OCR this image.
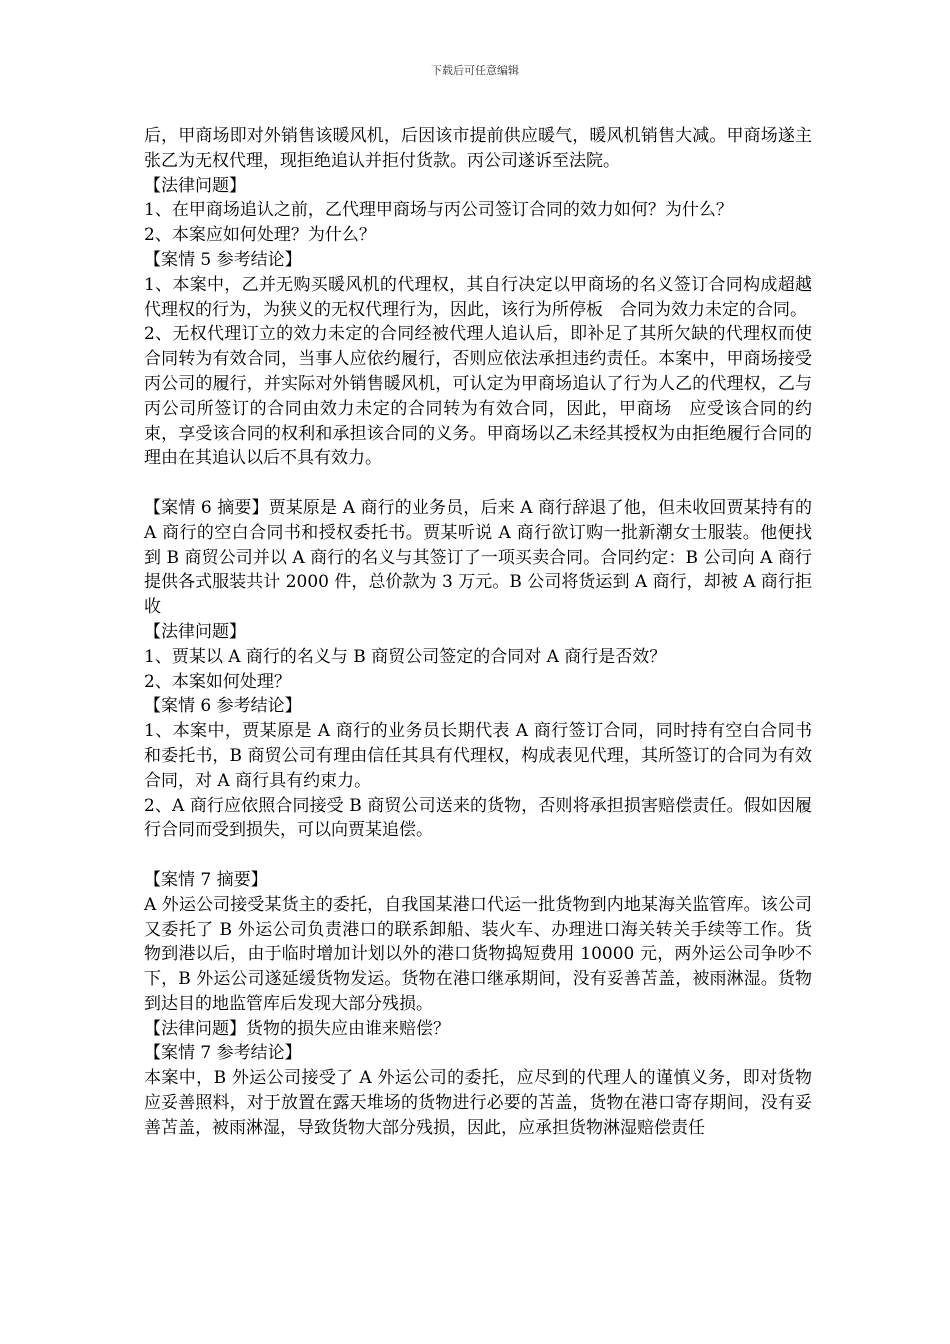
下载后可任意编辑

后，甲商场即对外销售该暖风机，后因该市提前供应暖气，暖风机销售大减。甲商场遂主张乙为无权代理，现拒绝追认并拒付货款。丙公司遂诉至法院。

【法律问题】

1、在甲商场追认之前，乙代理甲商场与丙公司签订合同的效力如何？为什么？

2、本案应如何处理？为什么？

【案情 5 参考结论】

1、本案中，乙并无购买暖风机的代理权，其自行决定以甲商场的名义签订合同构成超越代理权的行为，为狭义的无权代理行为，因此，该行为所停板　合同为效力未定的合同。

2、无权代理订立的效力未定的合同经被代理人追认后，即补足了其所欠缺的代理权而使合同转为有效合同，当事人应依约履行，否则应依法承担违约责任。本案中，甲商场接受丙公司的履行，并实际对外销售暖风机，可认定为甲商场追认了行为人乙的代理权，乙与丙公司所签订的合同由效力未定的合同转为有效合同，因此，甲商场　应受该合同的约束，享受该合同的权利和承担该合同的义务。甲商场以乙未经其授权为由拒绝履行合同的理由在其追认以后不具有效力。

【案情 6 摘要】贾某原是 A 商行的业务员，后来 A 商行辞退了他，但未收回贾某持有的 A 商行的空白合同书和授权委托书。贾某听说 A 商行欲订购一批新潮女士服装。他便找到 B 商贸公司并以 A 商行的名义与其签订了一项买卖合同。合同约定：B 公司向 A 商行提供各式服装共计 2000 件，总价款为 3 万元。B 公司将货运到 A 商行，却被 A 商行拒收

【法律问题】

1、贾某以 A 商行的名义与 B 商贸公司签定的合同对 A 商行是否效？

2、本案如何处理？

【案情 6 参考结论】

1、本案中，贾某原是 A 商行的业务员长期代表 A 商行签订合同，同时持有空白合同书和委托书，B 商贸公司有理由信任其具有代理权，构成表见代理，其所签订的合同为有效合同，对 A 商行具有约束力。

2、A 商行应依照合同接受 B 商贸公司送来的货物，否则将承担损害赔偿责任。假如因履行合同而受到损失，可以向贾某追偿。

【案情 7 摘要】

A 外运公司接受某货主的委托，自我国某港口代运一批货物到内地某海关监管库。该公司又委托了 B 外运公司负责港口的联系卸船、装火车、办理进口海关转关手续等工作。货物到港以后，由于临时增加计划以外的港口货物捣短费用 10000 元，两外运公司争吵不下，B 外运公司遂延缓货物发运。货物在港口继承期间，没有妥善苫盖，被雨淋湿。货物到达目的地监管库后发现大部分残损。

【法律问题】货物的损失应由谁来赔偿？

【案情 7 参考结论】

本案中，B 外运公司接受了 A 外运公司的委托，应尽到的代理人的谨慎义务，即对货物应妥善照料，对于放置在露天堆场的货物进行必要的苫盖，货物在港口寄存期间，没有妥善苫盖，被雨淋湿，导致货物大部分残损，因此，应承担货物淋湿赔偿责任
